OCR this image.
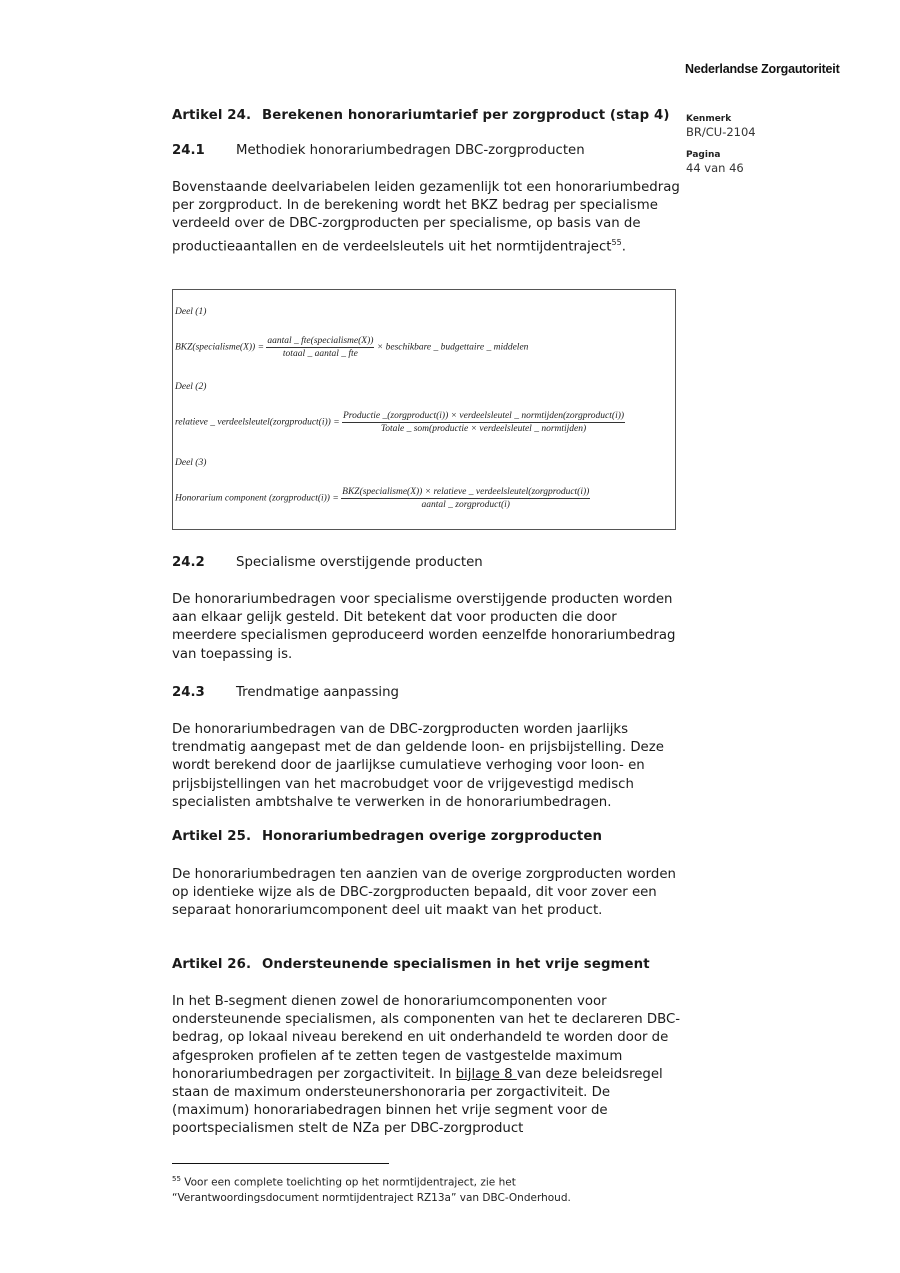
Nederlandse Zorgautoriteit
Kenmerk
BR/CU-2104
Pagina
44 van 46
Artikel 24. Berekenen honorariumtarief per zorgproduct (stap 4)
24.1 Methodiek honorariumbedragen DBC-zorgproducten

Bovenstaande deelvariabelen leiden gezamenlijk tot een honorariumbedrag per zorgproduct. In de berekening wordt het BKZ bedrag per specialisme verdeeld over de DBC-zorgproducten per specialisme, op basis van de productieaantallen en de verdeelsleutels uit het normtijdentraject$^{55}$.

Deel (1)
BKZ(specialisme(X)) = $\frac{\text{aantal \_ fte(specialisme(X))}}{\text{totaal \_ aantal \_ fte}}$ × beschikbare _ budgettaire _ middelen
Deel (2)
relatieve _ verdeelsleutel(zorgproduct(i)) =
Productie _(zorgproduct(i)) × verdeelsleutel _ normtijden(zorgproduct(i))
Totale _ som(productie × verdeelsleutel _ normtijden)
Deel (3)
Honorarium component (zorgproduct(i)) =
BKZ(specialisme(X)) × relatieve _ verdeelsleutel(zorgproduct(i))
aantal _ zorgproduct(i)
24.2 Specialisme overstijgende producten

De honorariumbedragen voor specialisme overstijgende producten worden aan elkaar gelijk gesteld. Dit betekent dat voor producten die door meerdere specialismen geproduceerd worden eenzelfde honorariumbedrag van toepassing is.

24.3 Trendmatige aanpassing

De honorariumbedragen van de DBC-zorgproducten worden jaarlijks trendmatig aangepast met de dan geldende loon- en prijsbijstelling. Deze wordt berekend door de jaarlijkse cumulatieve verhoging voor loon- en prijsbijstellingen van het macrobudget voor de vrijgevestigd medisch specialisten ambtshalve te verwerken in de honorariumbedragen.

Artikel 25. Honorariumbedragen overige zorgproducten

De honorariumbedragen ten aanzien van de overige zorgproducten worden op identieke wijze als de DBC-zorgproducten bepaald, dit voor zover een separaat honorariumcomponent deel uit maakt van het product.

Artikel 26. Ondersteunende specialismen in het vrije segment

In het B-segment dienen zowel de honorariumcomponenten voor ondersteunende specialismen, als componenten van het te declareren DBC-bedrag, op lokaal niveau berekend en uit onderhandeld te worden door de afgesproken profielen af te zetten tegen de vastgestelde maximum honorariumbedragen per zorgactiviteit. In bijlage 8 van deze beleidsregel staan de maximum ondersteunershonoraria per zorgactiviteit. De (maximum) honorariabedragen binnen het vrije segment voor de poortspecialismen stelt de NZa per DBC-zorgproduct

$^{55}$ Voor een complete toelichting op het normtijdentraject, zie het
“Verantwoordingsdocument normtijdentraject RZ13a” van DBC-Onderhoud.
